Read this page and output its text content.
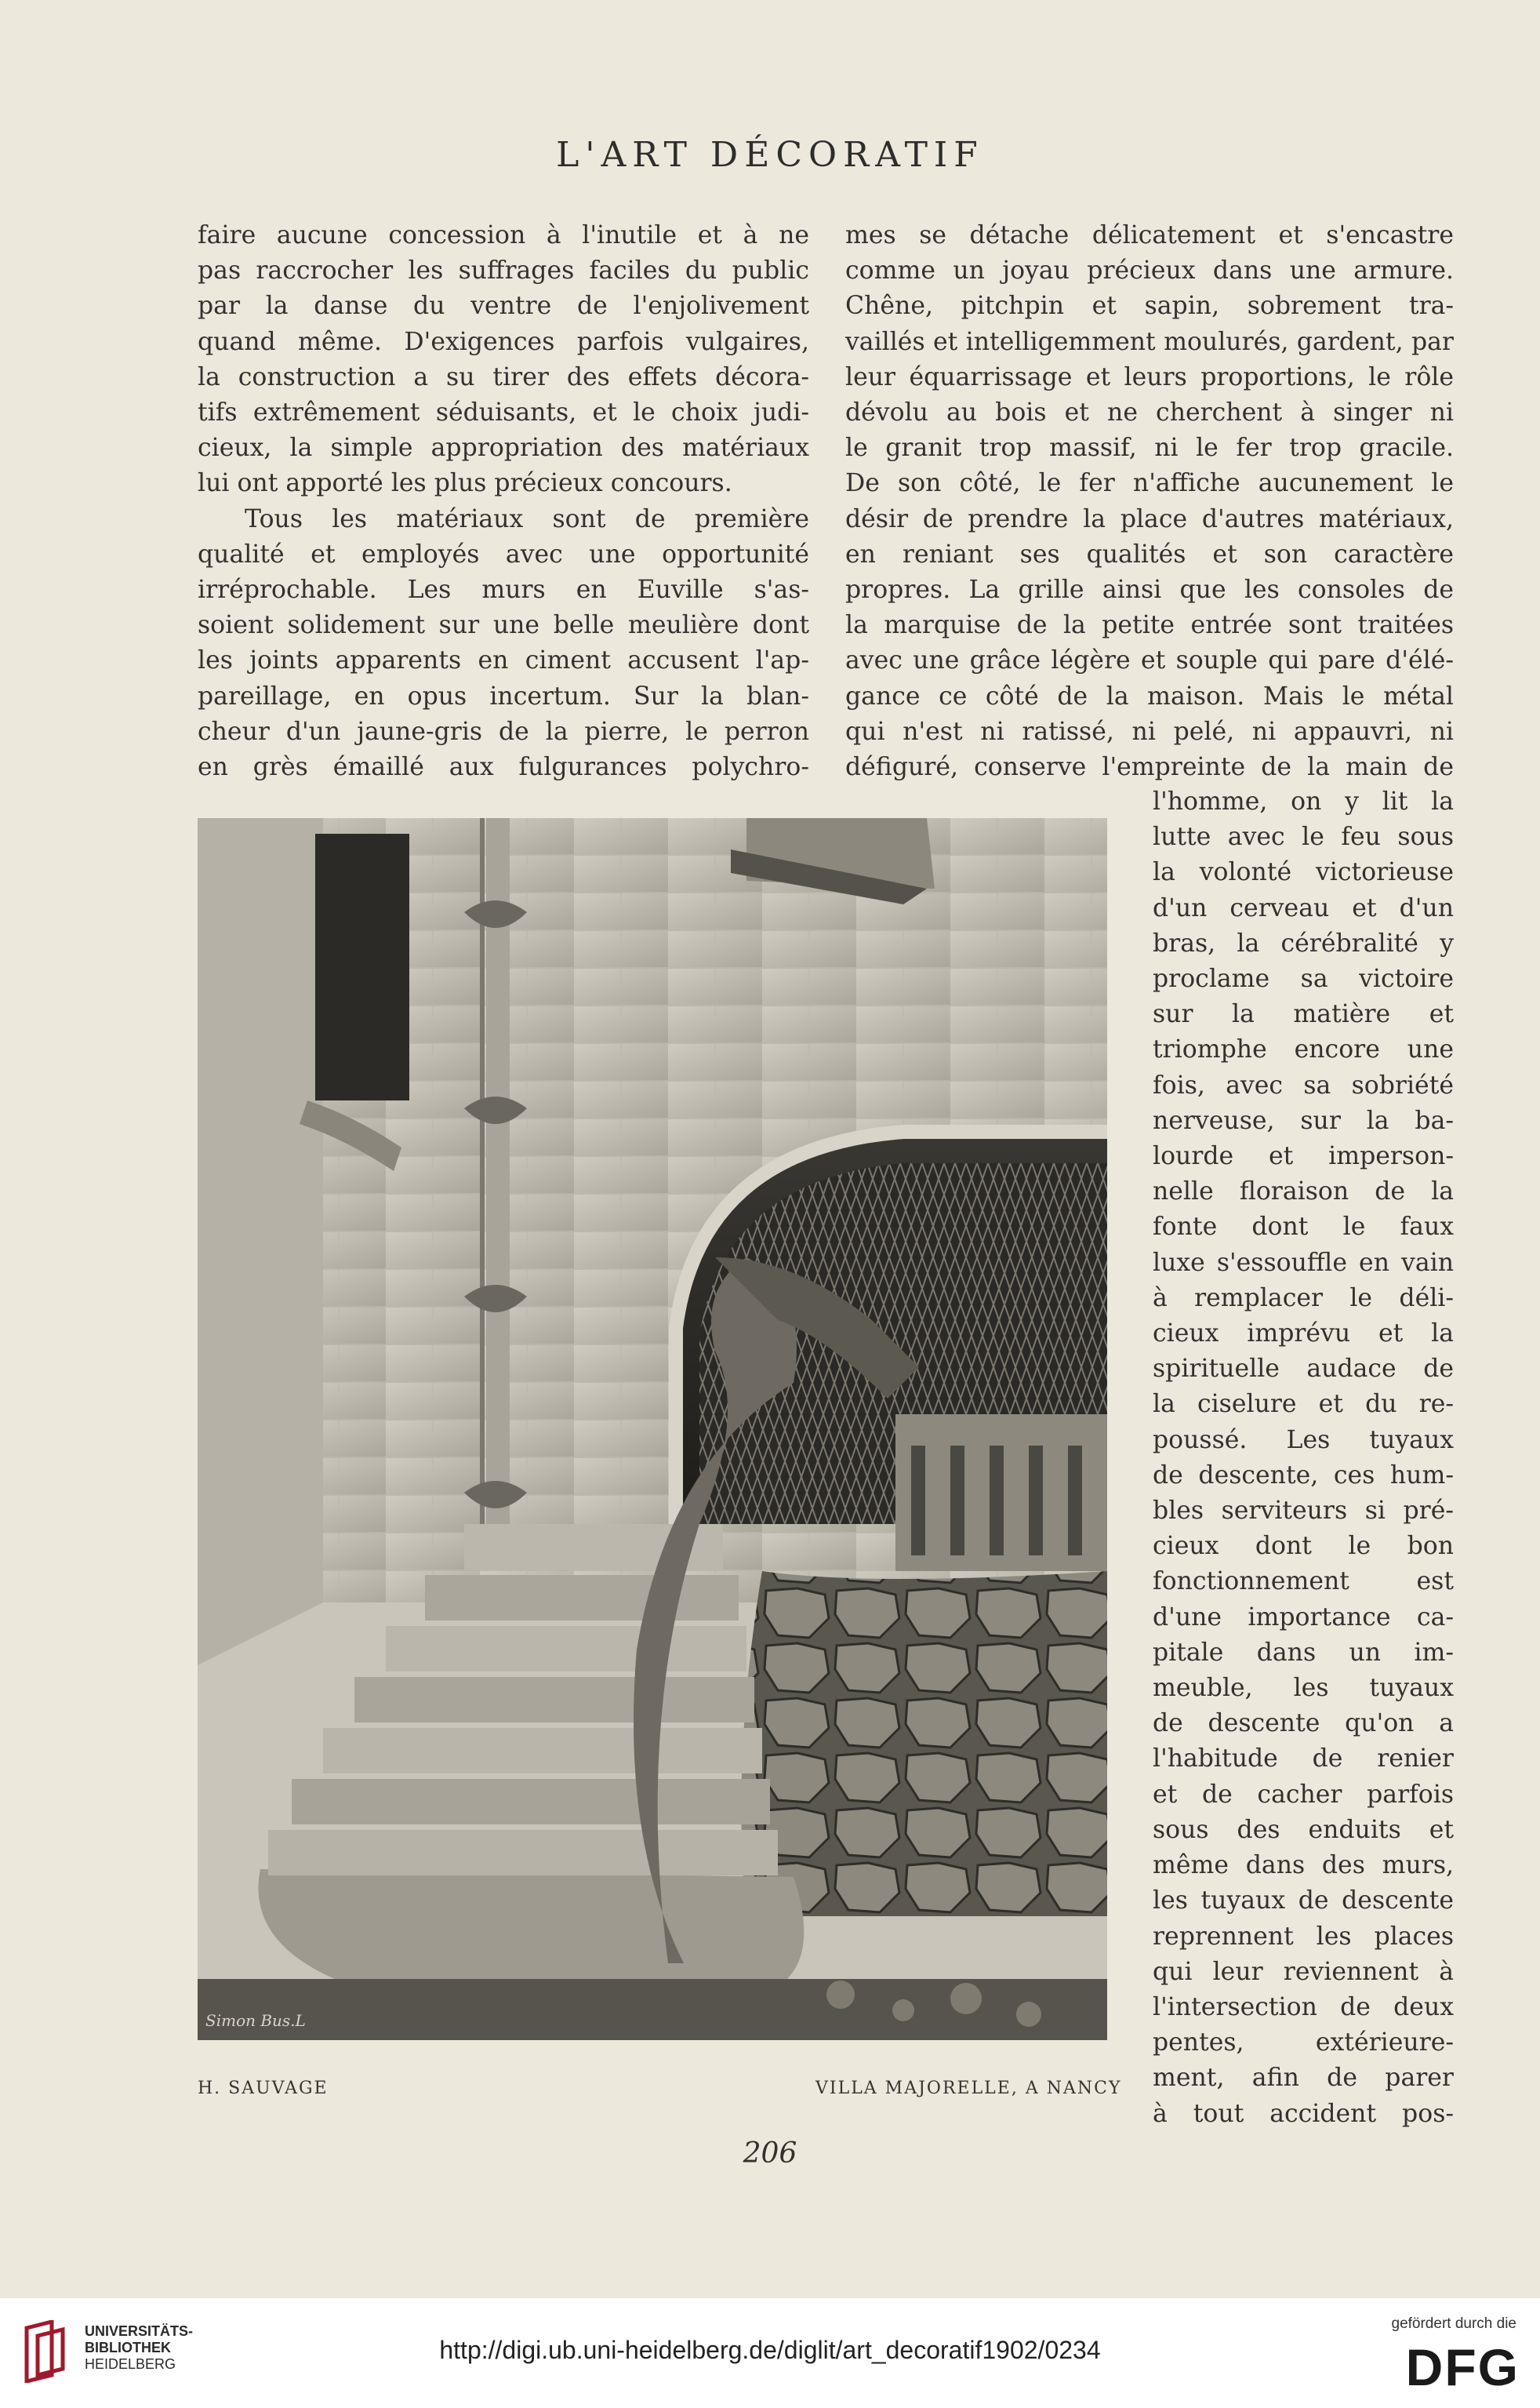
L'ART DÉCORATIF

faire aucune concession à l'inutile et à ne

pas raccrocher les suffrages faciles du public

par la danse du ventre de l'enjolivement

quand même. D'exigences parfois vulgaires,

la construction a su tirer des effets décora-

tifs extrêmement séduisants, et le choix judi-

cieux, la simple appropriation des matériaux

lui ont apporté les plus précieux concours.

Tous les matériaux sont de première

qualité et employés avec une opportunité

irréprochable. Les murs en Euville s'as-

soient solidement sur une belle meulière dont

les joints apparents en ciment accusent l'ap-

pareillage, en opus incertum. Sur la blan-

cheur d'un jaune-gris de la pierre, le perron

en grès émaillé aux fulgurances polychro-

mes se détache délicatement et s'encastre

comme un joyau précieux dans une armure.

Chêne, pitchpin et sapin, sobrement tra-

vaillés et intelligemment moulurés, gardent, par

leur équarrissage et leurs proportions, le rôle

dévolu au bois et ne cherchent à singer ni

le granit trop massif, ni le fer trop gracile.

De son côté, le fer n'affiche aucunement le

désir de prendre la place d'autres matériaux,

en reniant ses qualités et son caractère

propres. La grille ainsi que les consoles de

la marquise de la petite entrée sont traitées

avec une grâce légère et souple qui pare d'élé-

gance ce côté de la maison. Mais le métal

qui n'est ni ratissé, ni pelé, ni appauvri, ni

défiguré, conserve l'empreinte de la main de

l'homme, on y lit la

lutte avec le feu sous

la volonté victorieuse

d'un cerveau et d'un

bras, la cérébralité y

proclame sa victoire

sur la matière et

triomphe encore une

fois, avec sa sobriété

nerveuse, sur la ba-

lourde et imperson-

nelle floraison de la

fonte dont le faux

luxe s'essouffle en vain

à remplacer le déli-

cieux imprévu et la

spirituelle audace de

la ciselure et du re-

poussé. Les tuyaux

de descente, ces hum-

bles serviteurs si pré-

cieux dont le bon

fonctionnement est

d'une importance ca-

pitale dans un im-

meuble, les tuyaux

de descente qu'on a

l'habitude de renier

et de cacher parfois

sous des enduits et

même dans des murs,

les tuyaux de descente

reprennent les places

qui leur reviennent à

l'intersection de deux

pentes, extérieure-

ment, afin de parer

à tout accident pos-

Simon Bus.L
H. SAUVAGE	VILLA MAJORELLE, A NANCY
206
UNIVERSITÄTS-
BIBLIOTHEK
HEIDELBERG	http://digi.ub.uni-heidelberg.de/diglit/art_decoratif1902/0234
gefördert durch die
DFG
